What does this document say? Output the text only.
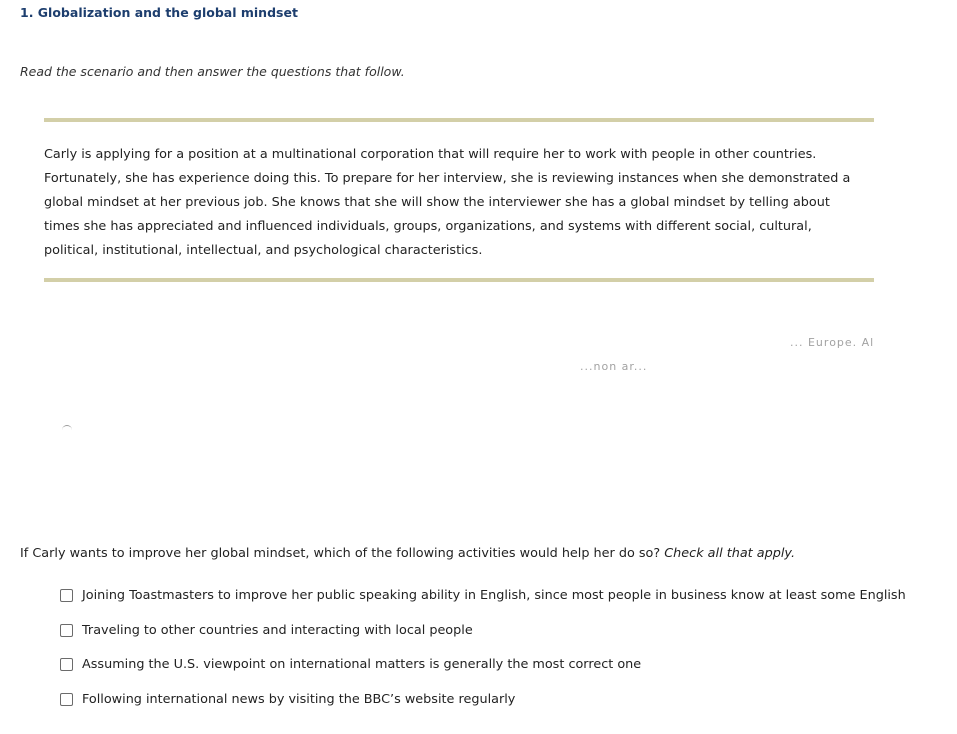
1. Globalization and the global mindset
Read the scenario and then answer the questions that follow.
Carly is applying for a position at a multinational corporation that will require her to work with people in other countries. Fortunately, she has experience doing this. To prepare for her interview, she is reviewing instances when she demonstrated a global mindset at her previous job. She knows that she will show the interviewer she has a global mindset by telling about times she has appreciated and influenced individuals, groups, organizations, and systems with different social, cultural, political, institutional, intellectual, and psychological characteristics.
... Europe. Al
...non ar...
If Carly wants to improve her global mindset, which of the following activities would help her do so? Check all that apply.
Joining Toastmasters to improve her public speaking ability in English, since most people in business know at least some English
Traveling to other countries and interacting with local people
Assuming the U.S. viewpoint on international matters is generally the most correct one
Following international news by visiting the BBC’s website regularly
